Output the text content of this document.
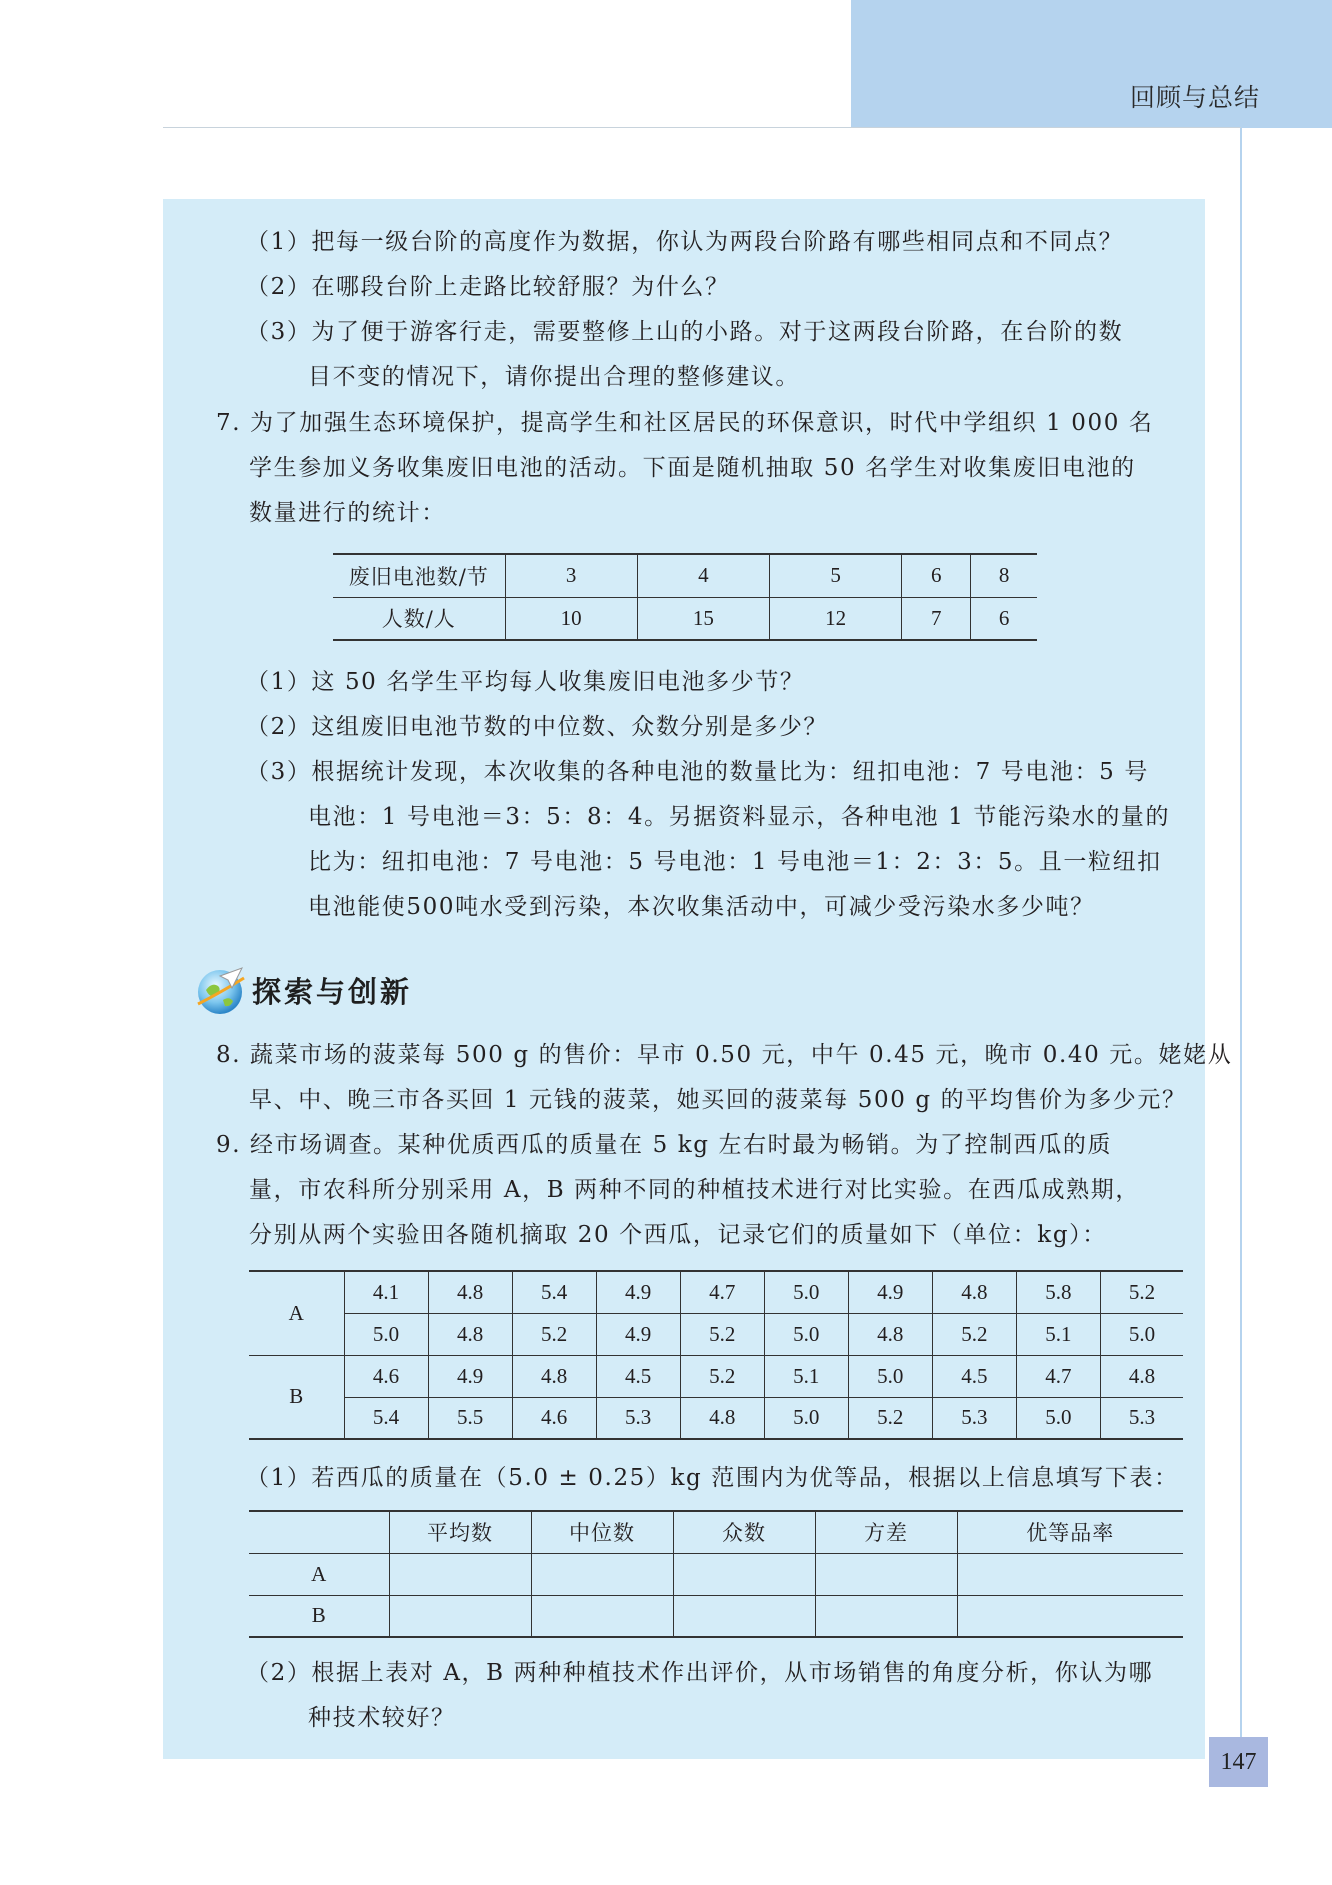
回顾与总结
（1）把每一级台阶的高度作为数据，你认为两段台阶路有哪些相同点和不同点？
（2）在哪段台阶上走路比较舒服？为什么？
（3）为了便于游客行走，需要整修上山的小路。对于这两段台阶路，在台阶的数
目不变的情况下，请你提出合理的整修建议。
7. 为了加强生态环境保护，提高学生和社区居民的环保意识，时代中学组织 1 000 名
学生参加义务收集废旧电池的活动。下面是随机抽取 50 名学生对收集废旧电池的
数量进行的统计：
废旧电池数/节	3	4	5	6	8
人数/人	10	15	12	7	6
（1）这 50 名学生平均每人收集废旧电池多少节？
（2）这组废旧电池节数的中位数、众数分别是多少？
（3）根据统计发现，本次收集的各种电池的数量比为：纽扣电池：7 号电池：5 号
电池：1 号电池＝3：5：8：4。另据资料显示，各种电池 1 节能污染水的量的
比为：纽扣电池：7 号电池：5 号电池：1 号电池＝1：2：3：5。且一粒纽扣
电池能使500吨水受到污染，本次收集活动中，可减少受污染水多少吨？
探索与创新
8. 蔬菜市场的菠菜每 500 g 的售价：早市 0.50 元，中午 0.45 元，晚市 0.40 元。姥姥从
早、中、晚三市各买回 1 元钱的菠菜，她买回的菠菜每 500 g 的平均售价为多少元？
9. 经市场调查。某种优质西瓜的质量在 5 kg 左右时最为畅销。为了控制西瓜的质
量，市农科所分别采用 A，B 两种不同的种植技术进行对比实验。在西瓜成熟期，
分别从两个实验田各随机摘取 20 个西瓜，记录它们的质量如下（单位：kg）：
A	4.1	4.8	5.4	4.9	4.7	5.0	4.9	4.8	5.8	5.2
	5.0	4.8	5.2	4.9	5.2	5.0	4.8	5.2	5.1	5.0
B	4.6	4.9	4.8	4.5	5.2	5.1	5.0	4.5	4.7	4.8
	5.4	5.5	4.6	5.3	4.8	5.0	5.2	5.3	5.0	5.3
（1）若西瓜的质量在（5.0 ± 0.25）kg 范围内为优等品，根据以上信息填写下表：
	平均数	中位数	众数	方差	优等品率
A					
B					
（2）根据上表对 A，B 两种种植技术作出评价，从市场销售的角度分析，你认为哪
种技术较好？
147
